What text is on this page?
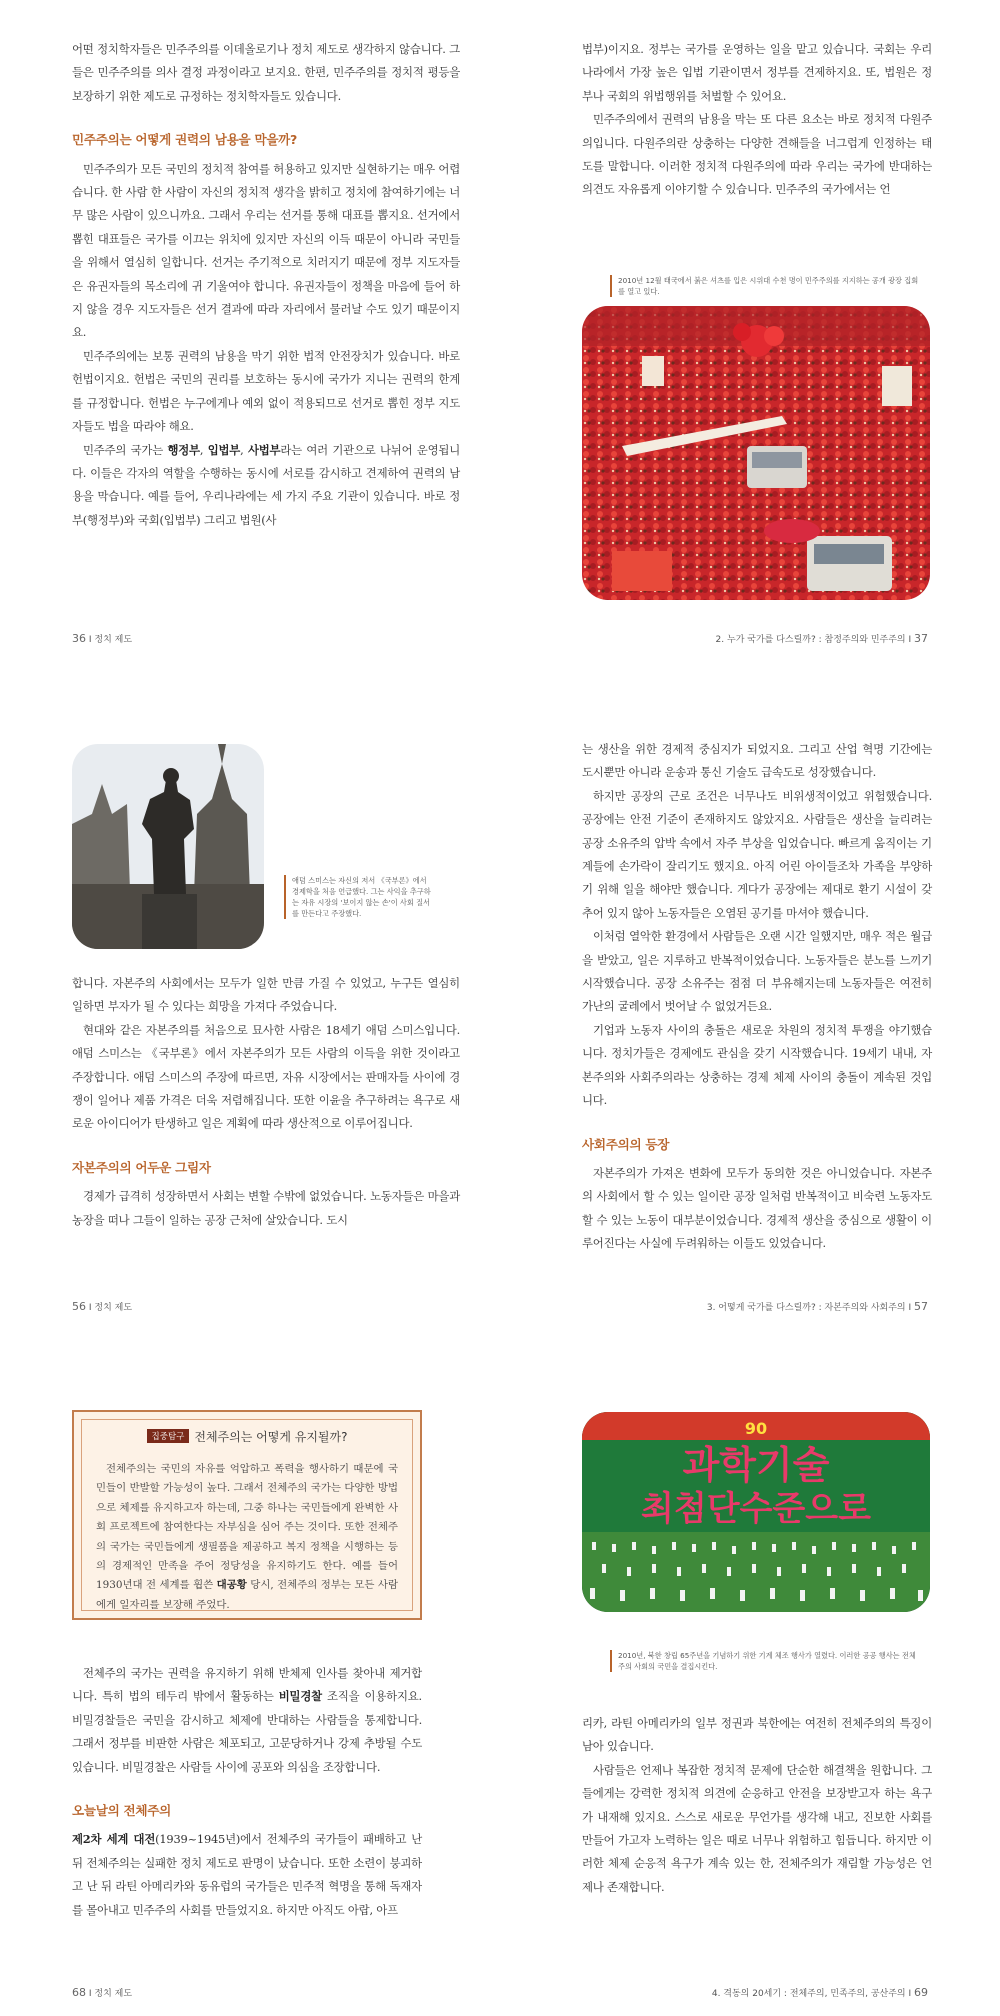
어떤 정치학자들은 민주주의를 이데올로기나 정치 제도로 생각하지 않습니다. 그들은 민주주의를 의사 결정 과정이라고 보지요. 한편, 민주주의를 정치적 평등을 보장하기 위한 제도로 규정하는 정치학자들도 있습니다.

민주주의는 어떻게 권력의 남용을 막을까?

민주주의가 모든 국민의 정치적 참여를 허용하고 있지만 실현하기는 매우 어렵습니다. 한 사람 한 사람이 자신의 정치적 생각을 밝히고 정치에 참여하기에는 너무 많은 사람이 있으니까요. 그래서 우리는 선거를 통해 대표를 뽑지요. 선거에서 뽑힌 대표들은 국가를 이끄는 위치에 있지만 자신의 이득 때문이 아니라 국민들을 위해서 열심히 일합니다. 선거는 주기적으로 치러지기 때문에 정부 지도자들은 유권자들의 목소리에 귀 기울여야 합니다. 유권자들이 정책을 마음에 들어 하지 않을 경우 지도자들은 선거 결과에 따라 자리에서 물러날 수도 있기 때문이지요.

민주주의에는 보통 권력의 남용을 막기 위한 법적 안전장치가 있습니다. 바로 헌법이지요. 헌법은 국민의 권리를 보호하는 동시에 국가가 지니는 권력의 한계를 규정합니다. 헌법은 누구에게나 예외 없이 적용되므로 선거로 뽑힌 정부 지도자들도 법을 따라야 해요.

민주주의 국가는 행정부, 입법부, 사법부라는 여러 기관으로 나뉘어 운영됩니다. 이들은 각자의 역할을 수행하는 동시에 서로를 감시하고 견제하여 권력의 남용을 막습니다. 예를 들어, 우리나라에는 세 가지 주요 기관이 있습니다. 바로 정부(행정부)와 국회(입법부) 그리고 법원(사

법부)이지요. 정부는 국가를 운영하는 일을 맡고 있습니다. 국회는 우리나라에서 가장 높은 입법 기관이면서 정부를 견제하지요. 또, 법원은 정부나 국회의 위법행위를 처벌할 수 있어요.

민주주의에서 권력의 남용을 막는 또 다른 요소는 바로 정치적 다원주의입니다. 다원주의란 상충하는 다양한 견해들을 너그럽게 인정하는 태도를 말합니다. 이러한 정치적 다원주의에 따라 우리는 국가에 반대하는 의견도 자유롭게 이야기할 수 있습니다. 민주주의 국가에서는 언

2010년 12월 태국에서 붉은 셔츠를 입은 시위대 수천 명이 민주주의를 지지하는 공개 광장 집회를 열고 있다.
36 I 정치 제도	2. 누가 국가를 다스릴까? : 참정주의와 민주주의 I 37
애덤 스미스는 자신의 저서 《국부론》에서 경제학을 처음 언급했다. 그는 사익을 추구하는 자유 시장의 '보이지 않는 손'이 사회 질서를 만든다고 주장했다.

합니다. 자본주의 사회에서는 모두가 일한 만큼 가질 수 있었고, 누구든 열심히 일하면 부자가 될 수 있다는 희망을 가져다 주었습니다.

현대와 같은 자본주의를 처음으로 묘사한 사람은 18세기 애덤 스미스입니다. 애덤 스미스는 《국부론》에서 자본주의가 모든 사람의 이득을 위한 것이라고 주장합니다. 애덤 스미스의 주장에 따르면, 자유 시장에서는 판매자들 사이에 경쟁이 일어나 제품 가격은 더욱 저렴해집니다. 또한 이윤을 추구하려는 욕구로 새로운 아이디어가 탄생하고 일은 계획에 따라 생산적으로 이루어집니다.

자본주의의 어두운 그림자

경제가 급격히 성장하면서 사회는 변할 수밖에 없었습니다. 노동자들은 마을과 농장을 떠나 그들이 일하는 공장 근처에 살았습니다. 도시

는 생산을 위한 경제적 중심지가 되었지요. 그리고 산업 혁명 기간에는 도시뿐만 아니라 운송과 통신 기술도 급속도로 성장했습니다.

하지만 공장의 근로 조건은 너무나도 비위생적이었고 위험했습니다. 공장에는 안전 기준이 존재하지도 않았지요. 사람들은 생산을 늘리려는 공장 소유주의 압박 속에서 자주 부상을 입었습니다. 빠르게 움직이는 기계들에 손가락이 잘리기도 했지요. 아직 어린 아이들조차 가족을 부양하기 위해 일을 해야만 했습니다. 게다가 공장에는 제대로 환기 시설이 갖추어 있지 않아 노동자들은 오염된 공기를 마셔야 했습니다.

이처럼 열악한 환경에서 사람들은 오랜 시간 일했지만, 매우 적은 월급을 받았고, 일은 지루하고 반복적이었습니다. 노동자들은 분노를 느끼기 시작했습니다. 공장 소유주는 점점 더 부유해지는데 노동자들은 여전히 가난의 굴레에서 벗어날 수 없었거든요.

기업과 노동자 사이의 충돌은 새로운 차원의 정치적 투쟁을 야기했습니다. 정치가들은 경제에도 관심을 갖기 시작했습니다. 19세기 내내, 자본주의와 사회주의라는 상충하는 경제 체제 사이의 충돌이 계속된 것입니다.

사회주의의 등장

자본주의가 가져온 변화에 모두가 동의한 것은 아니었습니다. 자본주의 사회에서 할 수 있는 일이란 공장 일처럼 반복적이고 비숙련 노동자도 할 수 있는 노동이 대부분이었습니다. 경제적 생산을 중심으로 생활이 이루어진다는 사실에 두려워하는 이들도 있었습니다.

56 I 정치 제도	3. 어떻게 국가를 다스릴까? : 자본주의와 사회주의 I 57
집중탐구 전체주의는 어떻게 유지될까?

전체주의는 국민의 자유를 억압하고 폭력을 행사하기 때문에 국민들이 반발할 가능성이 높다. 그래서 전체주의 국가는 다양한 방법으로 체제를 유지하고자 하는데, 그중 하나는 국민들에게 완벽한 사회 프로젝트에 참여한다는 자부심을 심어 주는 것이다. 또한 전체주의 국가는 국민들에게 생필품을 제공하고 복지 정책을 시행하는 등의 경제적인 만족을 주어 정당성을 유지하기도 한다. 예를 들어 1930년대 전 세계를 휩쓴 대공황 당시, 전체주의 정부는 모든 사람에게 일자리를 보장해 주었다.

전체주의 국가는 권력을 유지하기 위해 반체제 인사를 찾아내 제거합니다. 특히 법의 테두리 밖에서 활동하는 비밀경찰 조직을 이용하지요. 비밀경찰들은 국민을 감시하고 체제에 반대하는 사람들을 통제합니다. 그래서 정부를 비판한 사람은 체포되고, 고문당하거나 강제 추방될 수도 있습니다. 비밀경찰은 사람들 사이에 공포와 의심을 조장합니다.

오늘날의 전체주의

제2차 세계 대전(1939~1945년)에서 전체주의 국가들이 패배하고 난 뒤 전체주의는 실패한 정치 제도로 판명이 났습니다. 또한 소련이 붕괴하고 난 뒤 라틴 아메리카와 동유럽의 국가들은 민주적 혁명을 통해 독재자를 몰아내고 민주주의 사회를 만들었지요. 하지만 아직도 아랍, 아프

90
과학기술
최첨단수준으로
2010년, 북한 창립 65주년을 기념하기 위한 기계 체조 행사가 열렸다. 이러한 공공 행사는 전체주의 사회의 국민을 결집시킨다.

리카, 라틴 아메리카의 일부 정권과 북한에는 여전히 전체주의의 특징이 남아 있습니다.

사람들은 언제나 복잡한 정치적 문제에 단순한 해결책을 원합니다. 그들에게는 강력한 정치적 의견에 순응하고 안전을 보장받고자 하는 욕구가 내재해 있지요. 스스로 새로운 무언가를 생각해 내고, 진보한 사회를 만들어 가고자 노력하는 일은 때로 너무나 위험하고 힘듭니다. 하지만 이러한 체제 순응적 욕구가 계속 있는 한, 전체주의가 재림할 가능성은 언제나 존재합니다.

68 I 정치 제도	4. 격동의 20세기 : 전체주의, 민족주의, 공산주의 I 69
